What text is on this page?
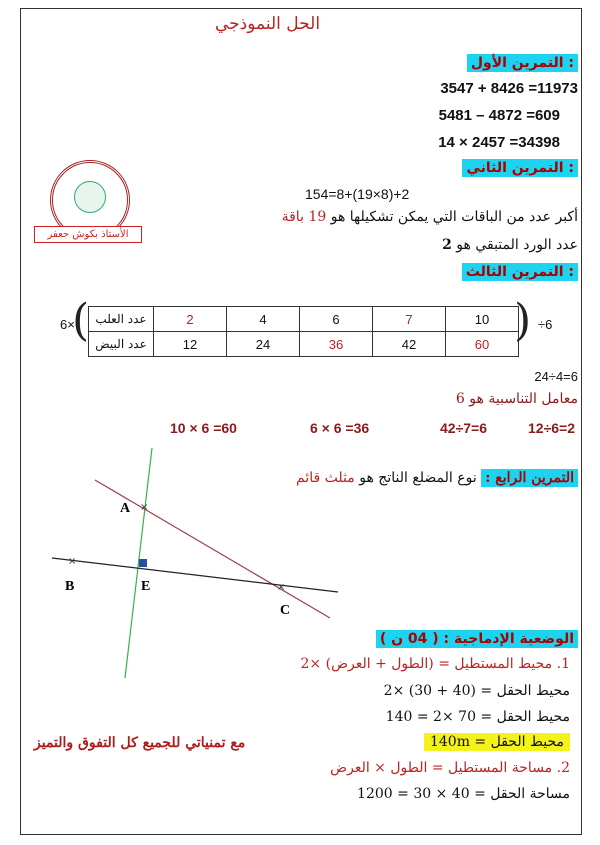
الحل النموذجي
الأستاذ بكوش جعفر
التمرين الأول :
3547 + 8426 =11973
5481 – 4872 =609
14 × 2457 =34398
التمرين الثاني :
154=8+(19×8)+2
أكبر عدد من الباقات التي يمكن تشكيلها هو 19 باقة
عدد الورد المتبقي هو 2
التمرين الثالث :
6×
( عدد العلب	2	4	6	7	10
عدد البيض	12	24	36	42	60 ) ÷6
24÷4=6
معامل التناسبية هو 6
10 × 6 =60	6 × 6 =36	42÷7=6	12÷6=2
التمرين الرابع : نوع المضلع الناتج هو مثلث قائم
×
×
×
A
B	E
C
الوضعية الإدماجية : ( 04 ن )
1. محيط المستطيل = (الطول + العرض) ×2
محيط الحقل = (40 + 30) ×2
محيط الحقل = 70 ×2 = 140
محيط الحقل = 140m
2. مساحة المستطيل = الطول × العرض
مساحة الحقل = 40 × 30 = 1200
مع تمنياتي للجميع كل التفوق والتميز
